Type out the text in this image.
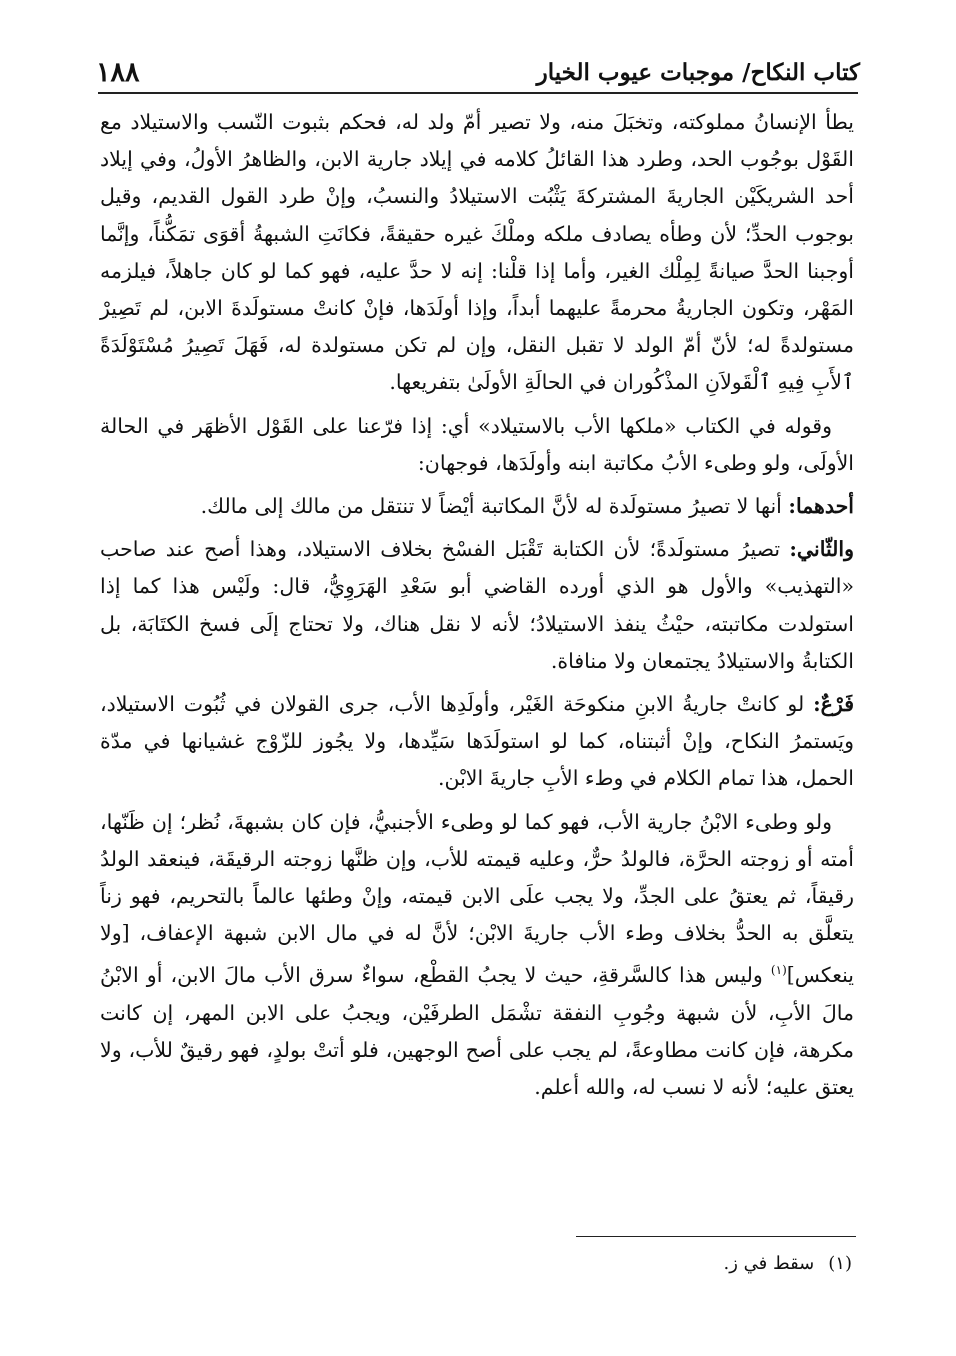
كتاب النكاح/ موجبات عيوب الخيار
١٨٨

يطأ الإنسانُ مملوكته، وتخبَلَ منه، ولا تصير أمّ ولد له، فحكم بثبوت النّسب والاستيلاد مع القَوْل بوجُوب الحد، وطرد هذا القائلُ كلامه في إيلاد جارية الابن، والظاهرُ الأولُ، وفي إيلاد أحد الشريكَيْن الجاريةَ المشتركةَ يَثْبُت الاستيلادُ والنسبُ، وإنْ طرد القول القديم، وقيل بوجوب الحدِّ؛ لأن وطأه يصادف ملكه وملْكَ غيره حقيقةً، فكانَتِ الشبهةُ أقوَى تمَكُّناً، وإنَّما أوجبنا الحدَّ صيانةً لِمِلْك الغير، وأما إذا قلْنا: إنه لا حدَّ عليه، فهو كما لو كان جاهلاً، فيلزمه المَهْر، وتكون الجاريةُ محرمةً عليهما أبداً، وإذا أولَدَها، فإنْ كانتْ مستولَدةَ الابن، لم تَصِيرْ مستولدةً له؛ لأنّ أمّ الولد لا تقبل النقل، وإن لم تكن مستولدة له، فَهَلَ تَصِيرُ مُسْتَوْلَدَةً ٱلأَبِ فِيهِ ٱلْقَولاَنِ المذْكُوران في الحالَةِ الأولَىٰ بتفريعها.

وقوله في الكتاب «ملكها الأب بالاستيلاد» أي: إذا فرّعنا على القَوْل الأظهَر في الحالة الأولَى، ولو وطىء الأبُ مكاتبة ابنه وأولَدَها، فوجهان:

أحدهما: أنها لا تصيرُ مستولَدة له لأنَّ المكاتبة أيْضاً لا تنتقل من مالك إلى مالك.

والثّاني: تصيرُ مستولَدةً؛ لأن الكتابة تَقْبَل الفسْخ بخلاف الاستيلاد، وهذا أصح عند صاحب «التهذيب» والأول هو الذي أورده القاضي أبو سَعْدِ الهَرَوِيُّ، قال: ولَيْس هذا كما إذا استولدت مكاتبته، حيْثُ ينفذ الاستيلادُ؛ لأنه لا نقل هناك، ولا تحتاج إلَى فسخ الكتَابَة، بل الكتابةُ والاستيلادُ يجتمعان ولا منافاة.

فَرْعٌ: لو كانتْ جاريةُ الابنِ منكوحَة الغَيْر، وأولَدِها الأب، جرى القولان في ثُبُوت الاستيلاد، ويَستمرُ النكاح، وإنْ أثبتناه، كما لو استولَدَها سَيِّدها، ولا يجُوز للزّوْج غشيانها في مدّة الحمل، هذا تمام الكلام في وطء الأبِ جاريةَ الابْن.

ولو وطىء الابْنُ جارية الأب، فهو كما لو وطىء الأجنبيُّ، فإن كان بشبهةَ، نُظر؛ إن ظَنّها، أمته أو زوجته الحرَّة، فالولدُ حرٌّ، وعليه قيمته للأب، وإن ظنَّها زوجته الرقيقَة، فينعقد الولدُ رقيقاً، ثم يعتقُ على الجدِّ، ولا يجب علَى الابن قيمته، وإنْ وطئها عالماً بالتحريم، فهو زناً يتعلَّق به الحدُّ بخلاف وطء الأب جاريةَ الابْن؛ لأنَّ له في مال الابن شبهة الإعفاف، [ولا ينعكس]$^{(١)}$ وليس هذا كالسَّرقةِ، حيث لا يجبُ القطْع، سواءٌ سرق الأب مالَ الابن، أو الابْنُ مالَ الأبِ، لأن شبهة وجُوبِ النفقة تشْمَل الطرفَيْن، ويجبُ على الابن المهر، إن كانت مكرهة، فإن كانت مطاوعةً، لم يجب على أصح الوجهين، فلو أتتْ بولدٍ، فهو رقيقٌ للأب، ولا يعتق عليه؛ لأنه لا نسب له، والله أعلم.

(١)
سقط في ز.
